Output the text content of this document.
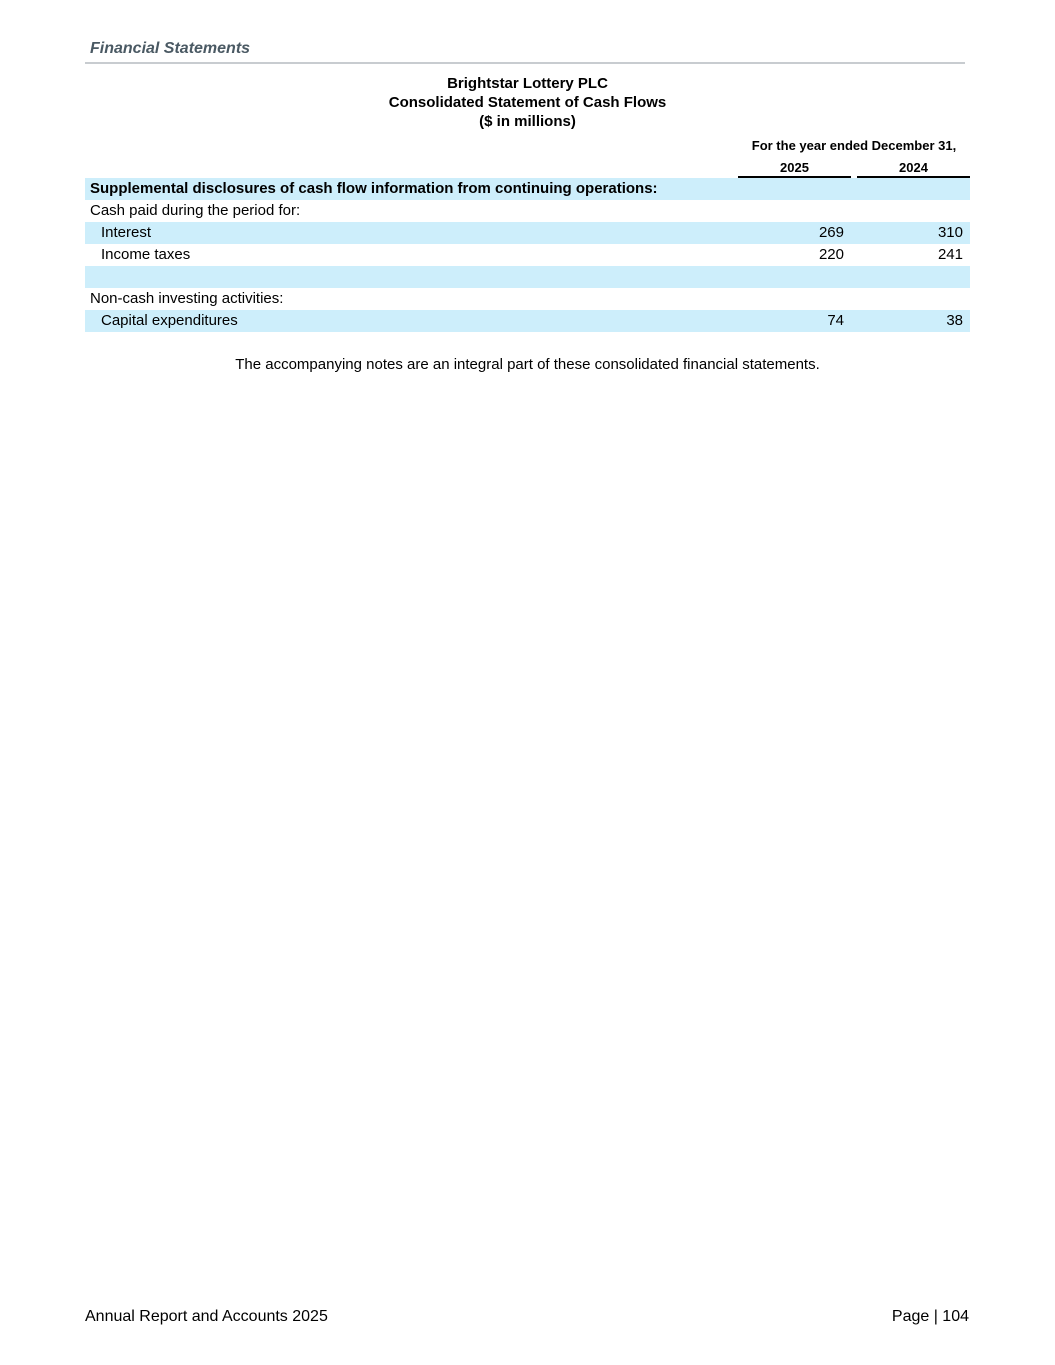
Financial Statements
Brightstar Lottery PLC
Consolidated Statement of Cash Flows
($ in millions)
For the year ended December 31,
2025	2024
Supplemental disclosures of cash flow information from continuing operations:
Cash paid during the period for:
Interest	269	310
Income taxes	220	241
Non-cash investing activities:
Capital expenditures	74	38
The accompanying notes are an integral part of these consolidated financial statements.
Annual Report and Accounts 2025	Page | 104
